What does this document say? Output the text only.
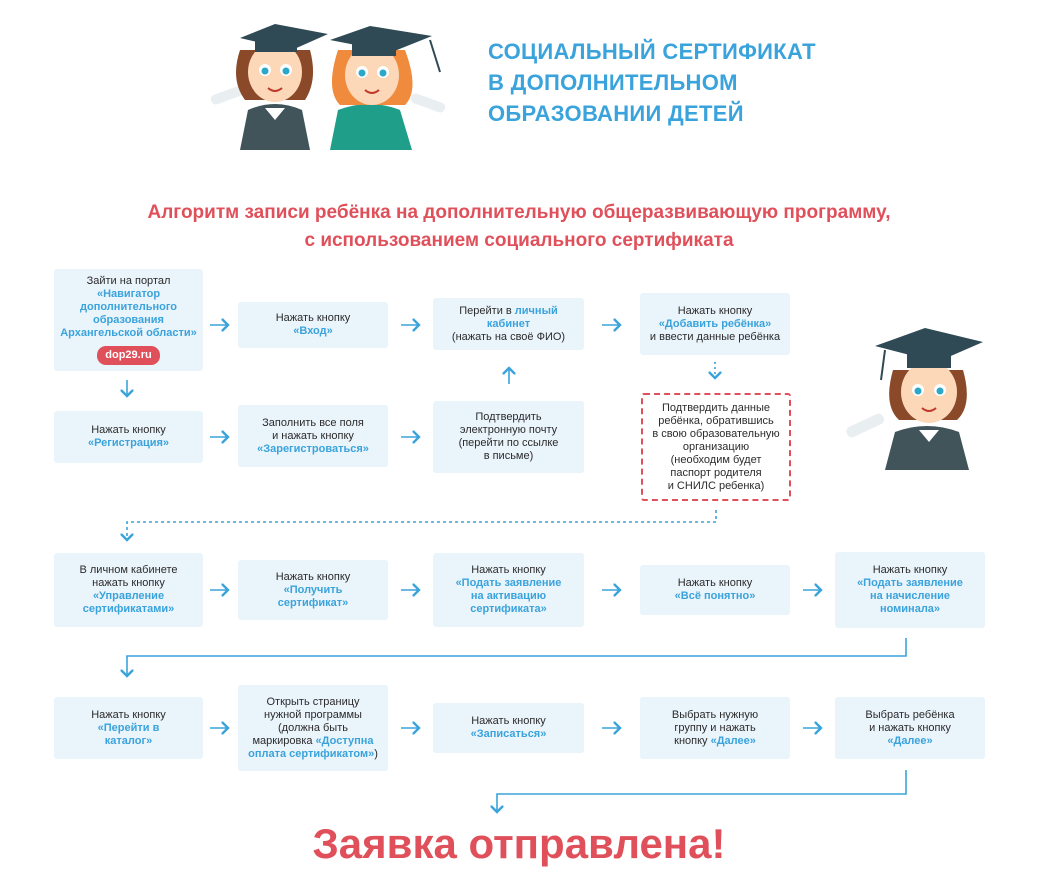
СОЦИАЛЬНЫЙ СЕРТИФИКАТ
В ДОПОЛНИТЕЛЬНОМ
ОБРАЗОВАНИИ ДЕТЕЙ
Алгоритм записи ребёнка на дополнительную общеразвивающую программу,
с использованием социального сертификата
Зайти на портал
«Навигатор
дополнительного
образования
Архангельской области»
dop29.ru
Нажать кнопку
«Вход»
Перейти в личный кабинет
(нажать на своё ФИО)
Нажать кнопку
«Добавить ребёнка»
и ввести данные ребёнка
Нажать кнопку
«Регистрация»
Заполнить все поля
и нажать кнопку
«Зарегистроваться»
Подтвердить
электронную почту
(перейти по ссылке
в письме)
Подтвердить данные
ребёнка, обратившись
в свою образовательную
организацию
(необходим будет
паспорт родителя
и СНИЛС ребенка)
В личном кабинете
нажать кнопку
«Управление
сертификатами»
Нажать кнопку
«Получить
сертификат»
Нажать кнопку
«Подать заявление
на активацию
сертификата»
Нажать кнопку
«Всё понятно»
Нажать кнопку
«Подать заявление
на начисление
номинала»
Нажать кнопку
«Перейти в
каталог»
Открыть страницу
нужной программы
(должна быть
маркировка «Доступна
оплата сертификатом»)
Нажать кнопку
«Записаться»
Выбрать нужную
группу и нажать
кнопку «Далее»
Выбрать ребёнка
и нажать кнопку
«Далее»
Заявка отправлена!
